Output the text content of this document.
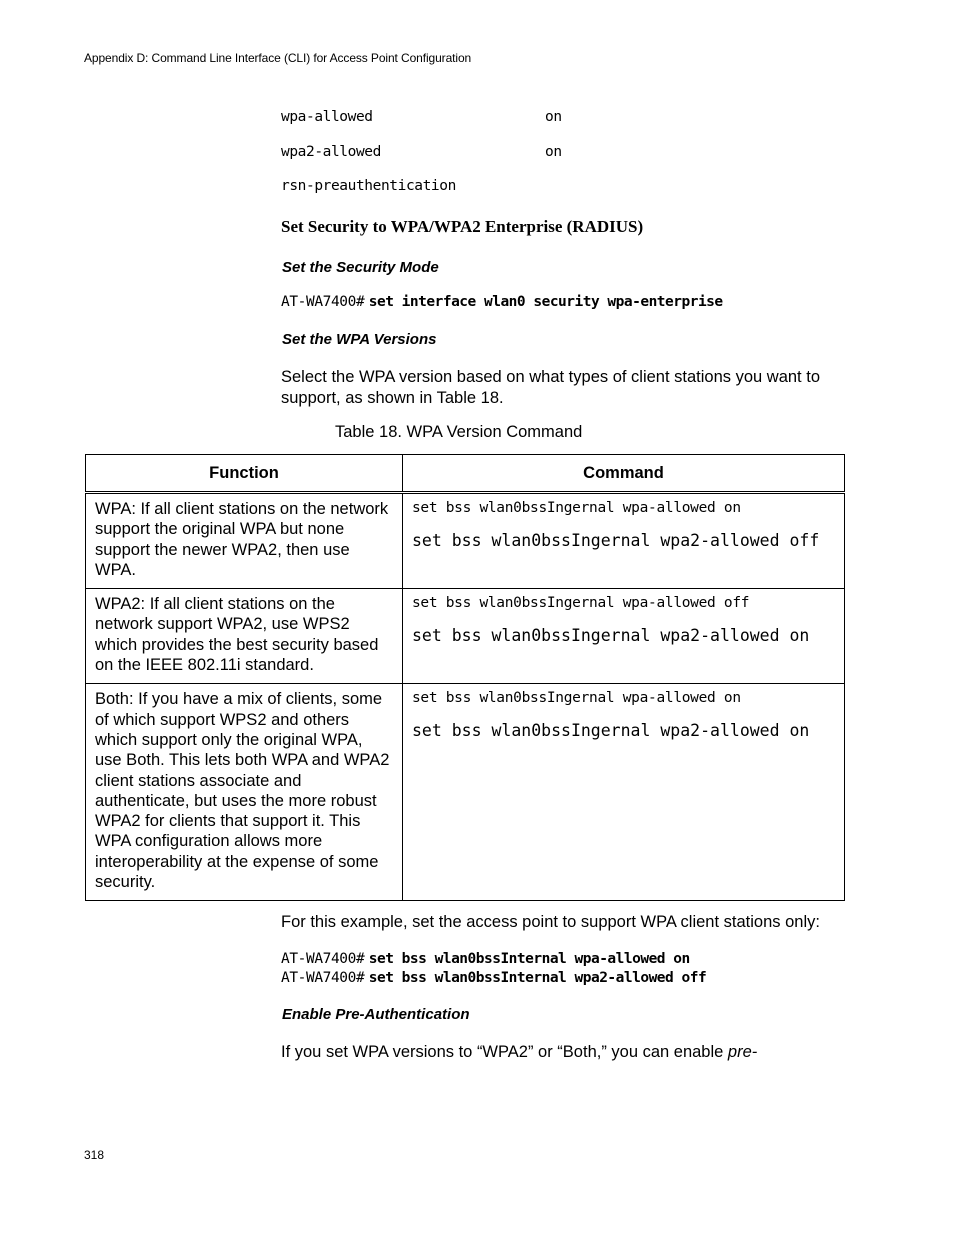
Appendix D: Command Line Interface (CLI) for Access Point Configuration
wpa-allowed	on
wpa2-allowed	on
rsn-preauthentication
Set Security to WPA/WPA2 Enterprise (RADIUS)
Set the Security Mode
AT-WA7400# set interface wlan0 security wpa-enterprise
Set the WPA Versions
Select the WPA version based on what types of client stations you want to support, as shown in Table 18.
Table 18. WPA Version Command
Function	Command
WPA: If all client stations on the network support the original WPA but none support the newer WPA2, then use WPA.	set bss wlan0bssIngernal wpa-allowed on
set bss wlan0bssIngernal wpa2-allowed off

WPA2: If all client stations on the network support WPA2, use WPS2 which provides the best security based on the IEEE 802.11i standard.	set bss wlan0bssIngernal wpa-allowed off
set bss wlan0bssIngernal wpa2-allowed on

Both: If you have a mix of clients, some of which support WPS2 and others which support only the original WPA, use Both. This lets both WPA and WPA2 client stations associate and authenticate, but uses the more robust WPA2 for clients that support it. This WPA configuration allows more interoperability at the expense of some security.	set bss wlan0bssIngernal wpa-allowed on
set bss wlan0bssIngernal wpa2-allowed on
For this example, set the access point to support WPA client stations only:
AT-WA7400# set bss wlan0bssInternal wpa-allowed on
AT-WA7400# set bss wlan0bssInternal wpa2-allowed off
Enable Pre-Authentication
If you set WPA versions to “WPA2” or “Both,” you can enable pre-
318
